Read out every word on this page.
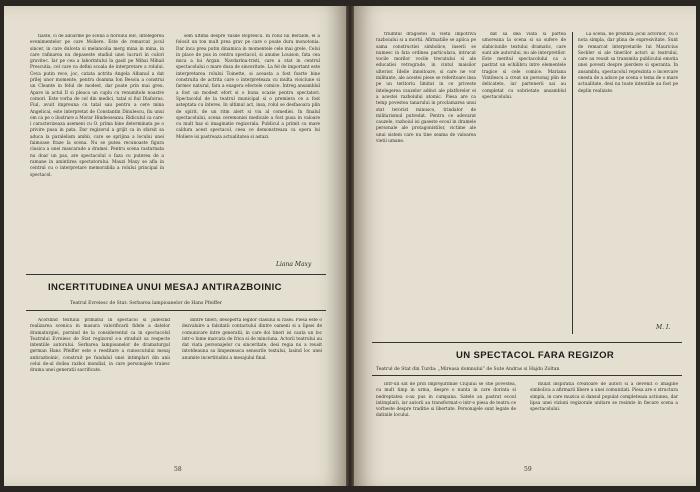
tiaste, ci de adoarme pe scena a fioroilui lelc, intelegerea evenimentelor pe care Moliere. Este de remarcat jocul sincer, in care dulceta si melancolia merg mina in mina, in care rafinarea nu depaseste stadiul unei lucrari in culori gravitec. Iar pe cea a laborintului la gasit pe Mihai Mihail Prescutia, cel care va defini scoala de interpretare a rolului. Ceva putin rece, joc, catata actrita Angela Albanul a dat prilej unor momente, pentru doamna Ion Besoiu a construi un Cleante in felul de modest, dar poate prin mai greu. Apare in actul II si pleaca un cuplu cu renumitele noastre comori. Este vorba de cel din medici, tatal si fiul Diafoirus. Fiul, avuit impreuna cu tatal sau pentru a cere mina Angelicai, este interpretat de Constantin Dinulescu, fiu unui om ca pe o ilustrare a Morar Hindeoseanu. Ridiculul ca care-i caracterizeaza asemeni cu O. prima bine determinata pe o privire pusa in pata. Dar regizorul a grijit ca in sfarsit sa aduca la paralelism ambii, care se sprijina a locului unei faimoase fraze la scena. Nu se putea recunoaste figura clasica a unei mascarade a dramei. Pentru scena rasturnata nu doar un pas, are spectacolul o faza cu puterea de a ramane in amintirea spectatorului. Mauzi Maxy se afla in centrul cu o interpretare memorabila a rolului principal in spectacol.

sem ultima despre Vasile Boprescu. In rolul lui Beralde, el a folosit un ton mult prea grav pe care o poate dura monotonia. Dar inca prea putin dinamica in momentele cele mai grele. Celui in place de pus in centru spectacol, si anume Louison, fata cea mica a lui Argan. Navdarina-tristi, care a stat in centrul spectacolului o mare doza de sinceritate. La fel de important este interpretarea rolului Toinette, si aceasta a fost foarte bine construita de actrita care o interpreteaza cu multa vioiciune si farmec natural, fara a exagera efectele comice. Intreg ansamblul a fost un modest efort si o buna ocazie pentru spectatori. Spectacolul de la teatrul municipal si o premiera ce a fost asteptata cu interes. In ultimul act, insa, rolul se desfasoara plin de spirit, de un ritm alert si viu al comediei. In finalul spectacolului, scena ceremoniei medicale a fost pusa in valoare cu mult haz si imaginatie regizorala. Publicul a primit cu mare caldura acest spectacol, ceea ce demonstreaza ca opera lui Moliere isi pastreaza actualitatea si astazi.

Liana Maxy
INCERTITUDINEA UNUI MESAJ ANTIRAZBOINIC
Teatrul Evreiesc de Stat: Serbarea lampioanelor de Hans Pfeiffer

Acordind textului primatul in spectacol si judecind realizarea scenica in masura valorificarii fidele a datelor dramaturgiei, pornind de la considerentul ca in spectacolul Teatrului Evreiesc de Stat regizorul s-a straduit sa respecte intentiile autorului. Serbarea lampioanelor de dramaturgul german Hans Pfeiffer este o reeditare a cunoscutului mesaj antirazboinic, construit pe fundalul unei intimplari din anii celui de-al doilea razboi mondial, in care personajele traiesc drama unei generatii sacrificate.

dintre tineri, desoperta legilor clasului si rasei. Piesa este o dezvaluire a falsitatii contactului dintre oameni si a lipsei de comunicare intre generatii, in care doi tineri isi cauta un loc intr-o lume marcata de frica si de minciuna. Actorii teatrului au dat viata personajelor cu sinceritate, desi regia nu a reusit intotdeauna sa limpezeasca sensurile textului, lasind loc unei anumite incertitudini a mesajului final.

58

triumful dragostei si vietii impotriva razboiului si a mortii. Afirmatiile se aplica pe sama constructiei simbolice, inserii se numesc in fata ordinea particulara, intrucat vocile morilor vocile trecutului si ale educatiei retrograde, in cintul maisilor ulterior. Ideile innoitoare, si care ne vor militante, ale acestei piese se referitoare insa pe un teritoriu limitat in ce priveste intelegerea cauzelor adinci ale platforelor ei a acestei razboiului atomic. Piesa are ca temp povestea tanarului in proclamarea unui stat terorist minusco, trindator de militarismul putredat. Pentru ce adevarat cauzele, razboiul isi gaseste ecoul in dramele personale ale protagonistilor, victime ale unui sistem care nu tine seama de valoarea vietii umane.

dat sa dea viata si partea umoreana la scena si sa sufere de slabiciunile textului dramatic, care sunt ale autorului, nu ale interpretilor. Este meritul spectacolului ca a pastrat un echilibru intre elementele tragice si cele comice. Mariana Vintilescu a creat un personaj plin de delicatete, iar partenerii sai au completat cu sobrietate ansamblul spectacolului.

La scena, ne prezinta jocul actorilor, cu o nota simpla, dar plina de expresivitate. Sunt de remarcat interpretarile lui Mauricius Seckler si ale tinerilor actori ai teatrului, care au reusit sa transmita publicului emotia unei povesti despre pierdere si speranta. In ansamblu, spectacolul reprezinta o incercare onesta de a aduce pe scena o tema de o mare actualitate, desi nu toate intentiile au fost pe deplin realizate.

M. I.
UN SPECTACOL FARA REGIZOR
Teatrul de Stat din Turda: „Mireasa domnului” de Sute Andras si Hajdu Zoltan

Intr-un sat de prin imprejurimile Clujului se stie povestea, cu mult timp in urma, despre o nunta in care dorinta si nedreptatea s-au pus in cumpana. Satele au pastrat ecoul intimplarii, iar autorii au transformat-o intr-o piesa de teatru ce vorbeste despre traditie si libertate. Personajele sunt legate de datinile locului.

mulat inspiratia creatoare de autori si a devenit o imagine simbolica a afirmarii libere a unei comunitati. Piesa are o structura simpla, in care muzica si dansul populat completeaza actiunea, dar lipsa unei viziuni regizorale unitare se resimte in fiecare scena a spectacolului.

59
